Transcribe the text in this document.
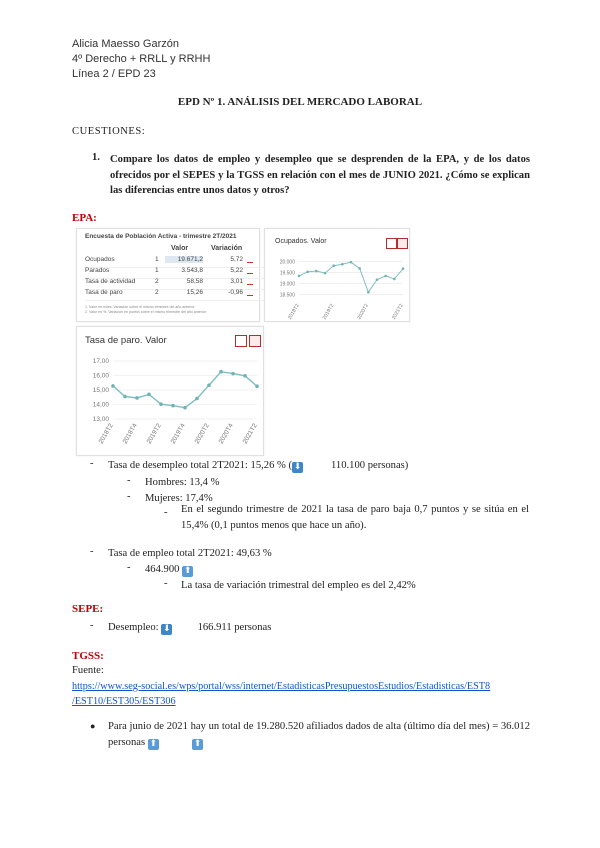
Alicia Maesso Garzón
4º Derecho + RRLL y RRHH
Línea 2 / EPD 23
EPD Nº 1. ANÁLISIS DEL MERCADO LABORAL
CUESTIONES:
1. Compare los datos de empleo y desempleo que se desprenden de la EPA, y de los datos ofrecidos por el SEPES y la TGSS en relación con el mes de JUNIO 2021. ¿Cómo se explican las diferencias entre unos datos y otros?
EPA:
Encuesta de Población Activa - trimestre 2T/2021
Valor	Variación
Ocupados	1	19.671,2	5,72
Parados	1	3.543,8	5,22
Tasa de actividad	2	58,58	3,01
Tasa de paro	2	15,26	-0,96
1. Valor en miles. Variación sobre el mismo trimestre del año anterior
2. Valor en %. Variación en puntos sobre el mismo trimestre del año anterior
Ocupados. Valor
20.000
19.500
19.000
18.500
2018T2	2019T2	2020T2	2021T2
Tasa de paro. Valor
17,00
16,00
15,00
14,00
13,00
2018T2 2018T4 2019T2 2019T4 2020T2 2020T4 2021T2
- Tasa de desempleo total 2T2021: 15,26 % ( ⬇	110.100 personas)
- Hombres: 13,4 %
- Mujeres: 17,4%
- En el segundo trimestre de 2021 la tasa de paro baja 0,7 puntos y se sitúa en el 15,4% (0,1 puntos menos que hace un año).
- Tasa de empleo total 2T2021: 49,63 %
- 464.900 ⬆
- La tasa de variación trimestral del empleo es del 2,42%
SEPE:
- Desempleo: ⬇	166.911 personas
TGSS:
Fuente:
https://www.seg-social.es/wps/portal/wss/internet/EstadisticasPresupuestosEstudios/Estadisticas/EST8
/EST10/EST305/EST306
● Para junio de 2021 hay un total de 19.280.520 afiliados dados de alta (último día del mes) = 36.012 personas ⬆	⬆
